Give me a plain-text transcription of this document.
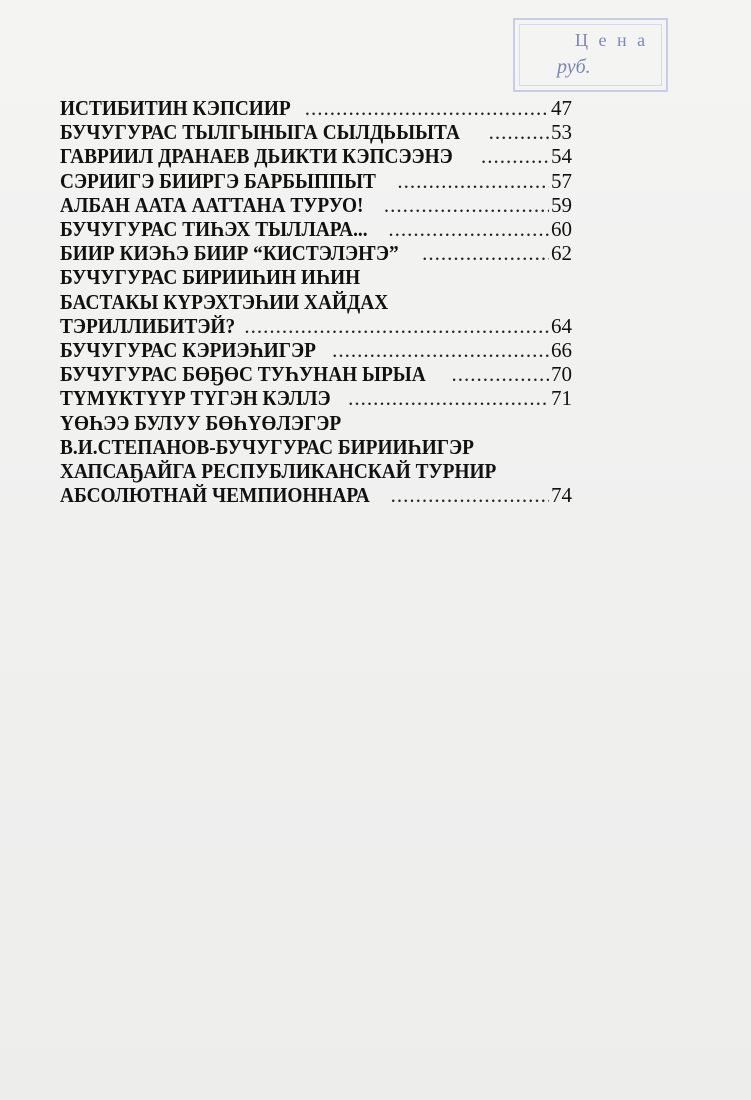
Ц е н а
руб.
ИСТИБИТИН КЭПСИИР .....	47
БУЧУГУРАС ТЫЛГЫНЫГА СЫЛДЬЫЫТА .....	53
ГАВРИИЛ ДРАНАЕВ ДЬИКТИ КЭПСЭЭНЭ .....	54
СЭРИИГЭ БИИРГЭ БАРБЫППЫТ .....	57
АЛБАН ААТА ААТТАНА ТУРУО! .....	59
БУЧУГУРАС ТИҺЭХ ТЫЛЛАРА... .....	60
БИИР КИЭҺЭ БИИР “КИСТЭЛЭҤЭ” .....	62
БУЧУГУРАС БИРИИҺИН ИҺИН
БАСТАКЫ КҮРЭХТЭҺИИ ХАЙДАХ
ТЭРИЛЛИБИТЭЙ? .....	64
БУЧУГУРАС КЭРИЭҺИГЭР .....	66
БУЧУГУРАС БӨҔӨС ТУҺУНАН ЫРЫА .....	70
ТҮМҮКТҮҮР ТҮГЭН КЭЛЛЭ .....	71
ҮӨҺЭЭ БУЛУУ БӨҺҮӨЛЭГЭР
В.И.СТЕПАНОВ-БУЧУГУРАС БИРИИҺИГЭР
ХАПСАҔАЙГА РЕСПУБЛИКАНСКАЙ ТУРНИР
АБСОЛЮТНАЙ ЧЕМПИОННАРА .....	74
